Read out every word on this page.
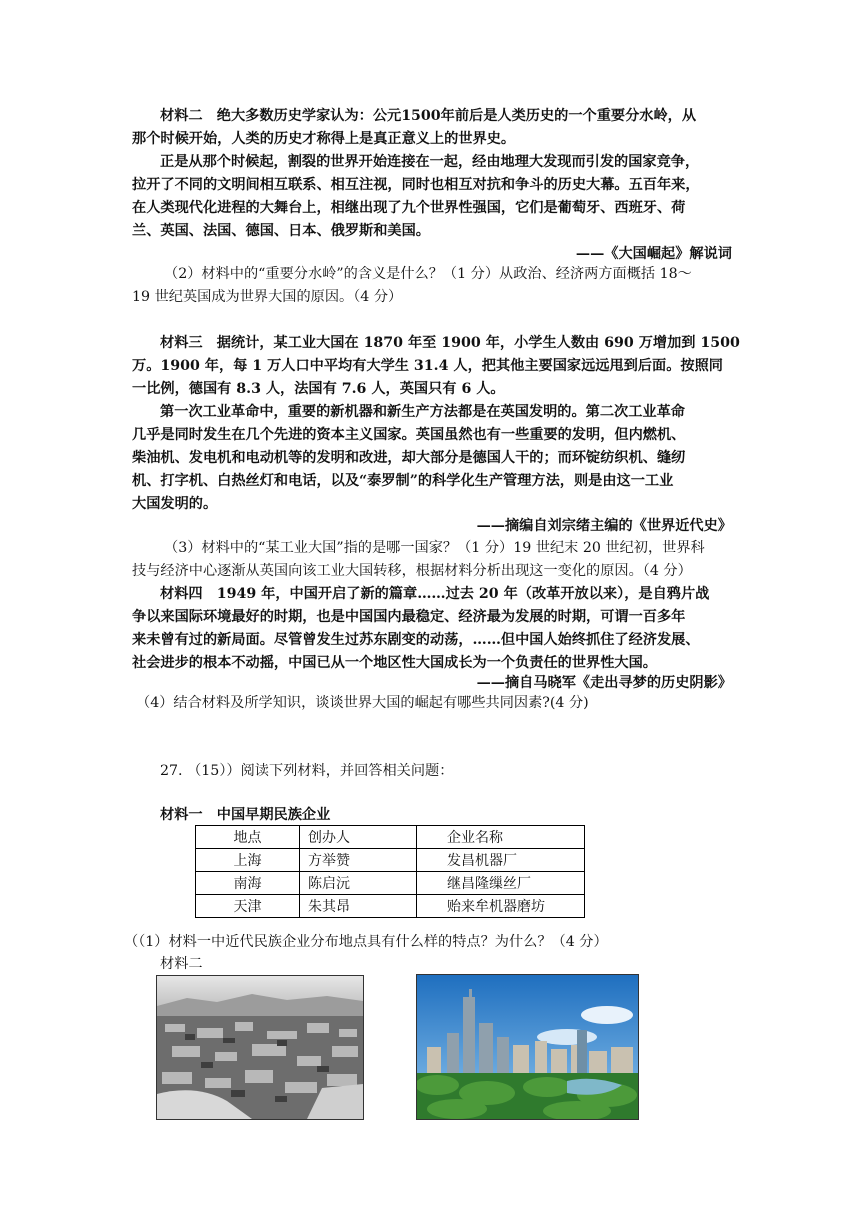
材料二　绝大多数历史学家认为：公元1500年前后是人类历史的一个重要分水岭，从
那个时候开始，人类的历史才称得上是真正意义上的世界史。
正是从那个时候起，割裂的世界开始连接在一起，经由地理大发现而引发的国家竞争，
拉开了不同的文明间相互联系、相互注视，同时也相互对抗和争斗的历史大幕。五百年来，
在人类现代化进程的大舞台上，相继出现了九个世界性强国，它们是葡萄牙、西班牙、荷
兰、英国、法国、德国、日本、俄罗斯和美国。
——《大国崛起》解说词
（2）材料中的“重要分水岭”的含义是什么？（1 分）从政治、经济两方面概括 18～
19 世纪英国成为世界大国的原因。（4 分）
材料三　据统计，某工业大国在 1870 年至 1900 年，小学生人数由 690 万增加到 1500
万。1900 年，每 1 万人口中平均有大学生 31.4 人，把其他主要国家远远甩到后面。按照同
一比例，德国有 8.3 人，法国有 7.6 人，英国只有 6 人。
第一次工业革命中，重要的新机器和新生产方法都是在英国发明的。第二次工业革命
几乎是同时发生在几个先进的资本主义国家。英国虽然也有一些重要的发明，但内燃机、
柴油机、发电机和电动机等的发明和改进，却大部分是德国人干的；而环锭纺织机、缝纫
机、打字机、白热丝灯和电话，以及“泰罗制”的科学化生产管理方法，则是由这一工业
大国发明的。
——摘编自刘宗绪主编的《世界近代史》
（3）材料中的“某工业大国”指的是哪一国家？（1 分）19 世纪末 20 世纪初，世界科
技与经济中心逐渐从英国向该工业大国转移，根据材料分析出现这一变化的原因。（4 分）
材料四　1949 年，中国开启了新的篇章……过去 20 年（改革开放以来），是自鸦片战
争以来国际环境最好的时期，也是中国国内最稳定、经济最为发展的时期，可谓一百多年
来未曾有过的新局面。尽管曾发生过苏东剧变的动荡，……但中国人始终抓住了经济发展、
社会进步的根本不动摇，中国已从一个地区性大国成长为一个负责任的世界性大国。
——摘自马晓军《走出寻梦的历史阴影》
（4）结合材料及所学知识，谈谈世界大国的崛起有哪些共同因素?(4 分)
27. （15））阅读下列材料，并回答相关问题：
材料一　中国早期民族企业
地点	创办人	企业名称
上海	方举赞	发昌机器厂
南海	陈启沅	继昌隆缫丝厂
天津	朱其昂	贻来牟机器磨坊
（（1）材料一中近代民族企业分布地点具有什么样的特点？为什么？（4 分）
材料二
